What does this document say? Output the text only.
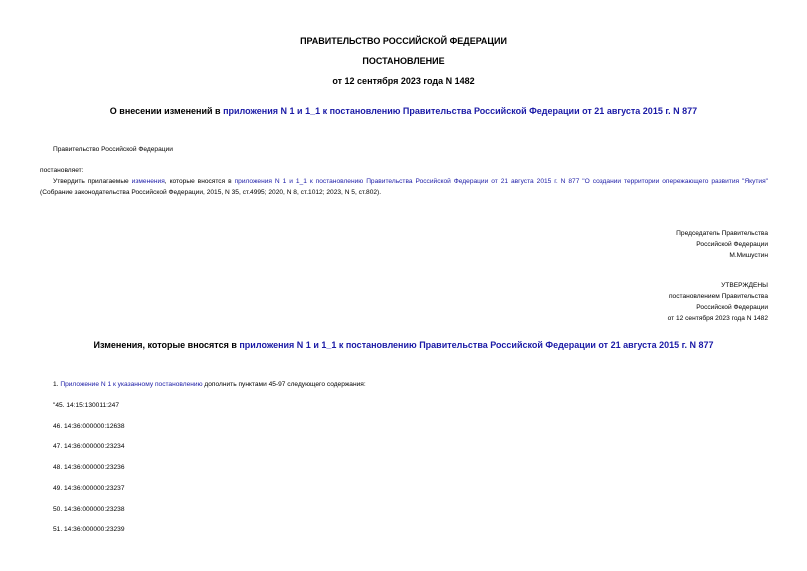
ПРАВИТЕЛЬСТВО РОССИЙСКОЙ ФЕДЕРАЦИИ
ПОСТАНОВЛЕНИЕ
от 12 сентября 2023 года N 1482
О внесении изменений в приложения N 1 и 1_1 к постановлению Правительства Российской Федерации от 21 августа 2015 г. N 877
Правительство Российской Федерации
постановляет:
Утвердить прилагаемые изменения, которые вносятся в приложения N 1 и 1_1 к постановлению Правительства Российской Федерации от 21 августа 2015 г. N 877 "О создании территории опережающего развития "Якутия" (Собрание законодательства Российской Федерации, 2015, N 35, ст.4995; 2020, N 8, ст.1012; 2023, N 5, ст.802).
Председатель Правительства
Российской Федерации
М.Мишустин
УТВЕРЖДЕНЫ
постановлением Правительства
Российской Федерации
от 12 сентября 2023 года N 1482
Изменения, которые вносятся в приложения N 1 и 1_1 к постановлению Правительства Российской Федерации от 21 августа 2015 г. N 877
1. Приложение N 1 к указанному постановлению дополнить пунктами 45-97 следующего содержания:
"45. 14:15:130011:247
46. 14:36:000000:12638
47. 14:36:000000:23234
48. 14:36:000000:23236
49. 14:36:000000:23237
50. 14:36:000000:23238
51. 14:36:000000:23239
